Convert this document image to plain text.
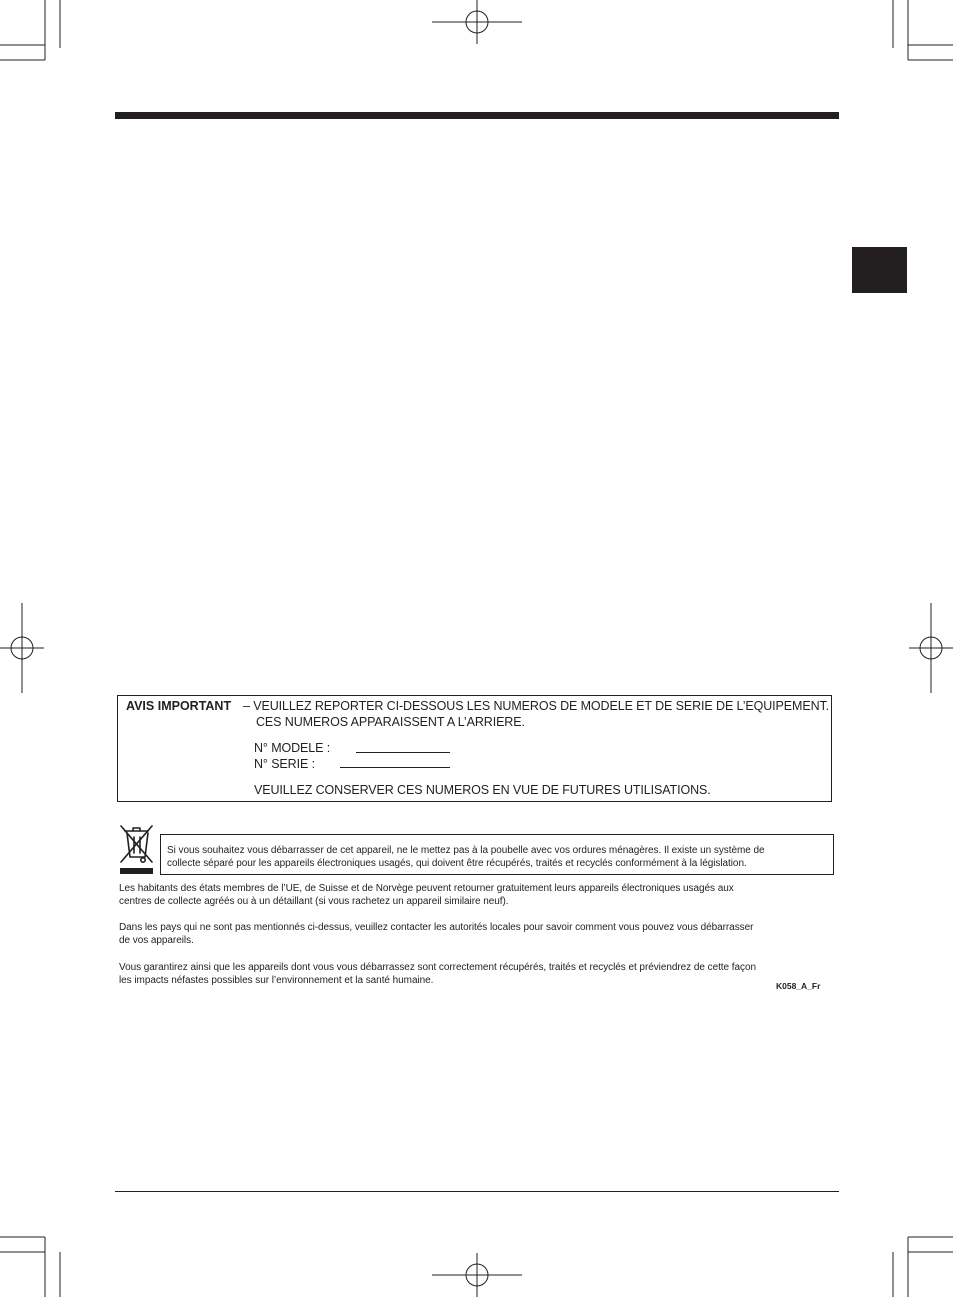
AVIS IMPORTANT – VEUILLEZ REPORTER CI-DESSOUS LES NUMEROS DE MODELE ET DE SERIE DE L’EQUIPEMENT.
CES NUMEROS APPARAISSENT A L’ARRIERE.
N° MODELE :
N° SERIE :
VEUILLEZ CONSERVER CES NUMEROS EN VUE DE FUTURES UTILISATIONS.
Si vous souhaitez vous débarrasser de cet appareil, ne le mettez pas à la poubelle avec vos ordures ménagères. Il existe un système de
collecte séparé pour les appareils électroniques usagés, qui doivent être récupérés, traités et recyclés conformément à la législation.
Les habitants des états membres de l’UE, de Suisse et de Norvège peuvent retourner gratuitement leurs appareils électroniques usagés aux
centres de collecte agréés ou à un détaillant (si vous rachetez un appareil similaire neuf).
Dans les pays qui ne sont pas mentionnés ci-dessus, veuillez contacter les autorités locales pour savoir comment vous pouvez vous débarrasser
de vos appareils.
Vous garantirez ainsi que les appareils dont vous vous débarrassez sont correctement récupérés, traités et recyclés et préviendrez de cette façon
les impacts néfastes possibles sur l’environnement et la santé humaine.	K058_A_Fr
